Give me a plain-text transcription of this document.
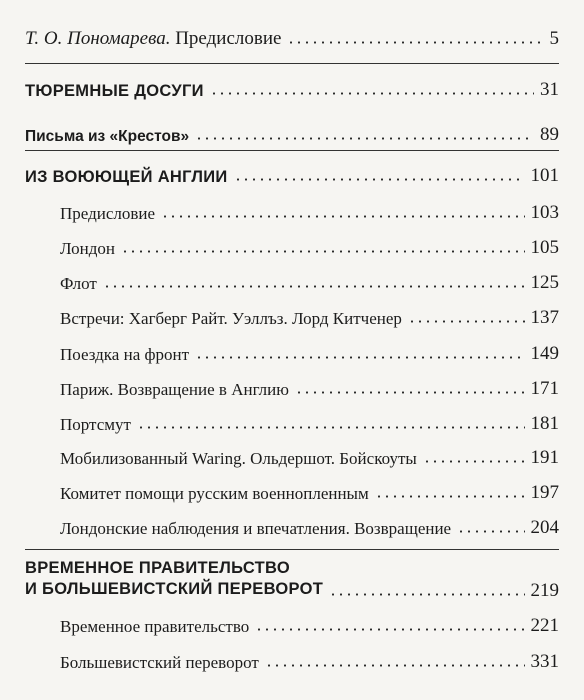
Т. О. Пономарева. Предисловие	5
ТЮРЕМНЫЕ ДОСУГИ	31
Письма из «Крестов»	89
ИЗ ВОЮЮЩЕЙ АНГЛИИ	101
Предисловие	103
Лондон	105
Флот	125
Встречи: Хагберг Райт. Уэллъз. Лорд Китченер	137
Поездка на фронт	149
Париж. Возвращение в Англию	171
Портсмут	181
Мобилизованный Waring. Ольдершот. Бойскоуты	191
Комитет помощи русским военнопленным	197
Лондонские наблюдения и впечатления. Возвращение	204
ВРЕМЕННОЕ ПРАВИТЕЛЬСТВО
И БОЛЬШЕВИСТСКИЙ ПЕРЕВОРОТ	219
Временное правительство	221
Большевистский переворот	331
